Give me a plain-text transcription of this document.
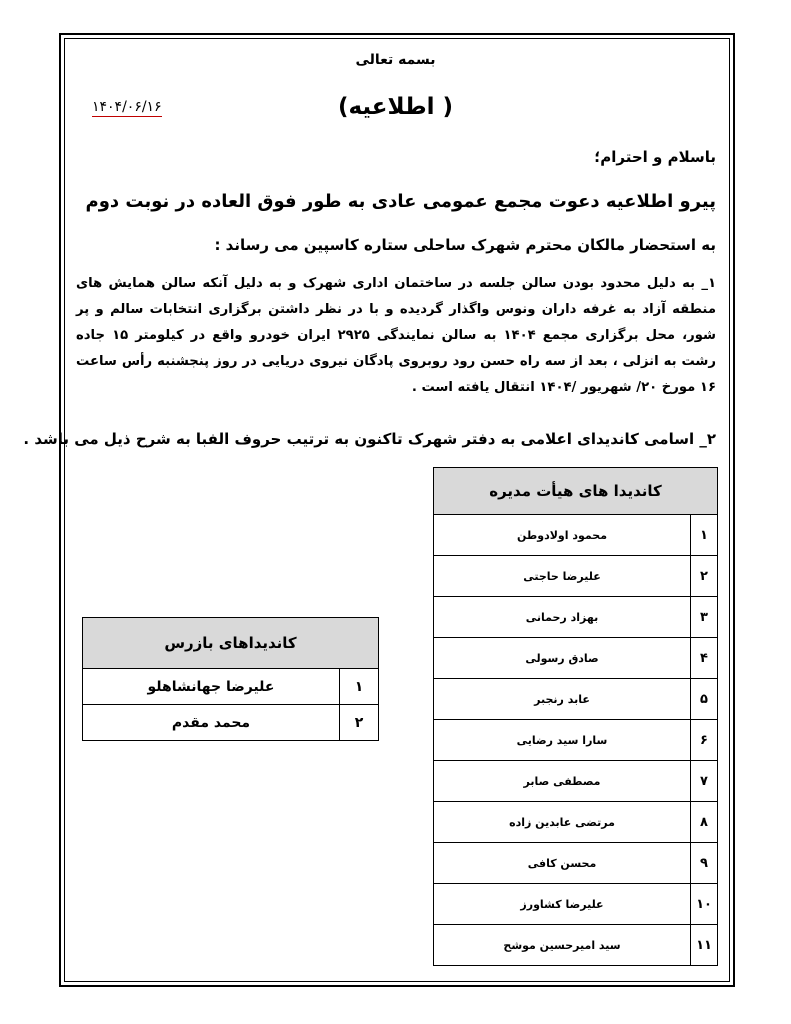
بسمه تعالی
(اطلاعیه )
۱۴۰۴/۰۶/۱۶
باسلام و احترام؛
پیرو اطلاعیه دعوت مجمع عمومی عادی به طور فوق العاده در نوبت دوم
به استحضار مالکان محترم شهرک ساحلی ستاره کاسپین می رساند :
۱_ به دلیل محدود بودن سالن جلسه در ساختمان اداری شهرک و به دلیل آنکه سالن همایش های منطقه آزاد به غرفه داران ونوس واگذار گردیده و با در نظر داشتن برگزاری انتخابات سالم و پر شور، محل برگزاری مجمع ۱۴۰۴ به سالن نمایندگی ۲۹۲۵ ایران خودرو واقع در کیلومتر ۱۵ جاده رشت به انزلی ، بعد از سه راه حسن رود روبروی پادگان نیروی دریایی در روز پنجشنبه رأس ساعت ۱۶ مورخ ۲۰/ شهریور /۱۴۰۴ انتقال یافته است .
۲_ اسامی کاندیدای اعلامی به دفتر شهرک تاکنون به ترتیب حروف الفبا به شرح ذیل می باشد .
کاندیدا های هیأت مدیره	
۱	محمود اولادوطن
۲	علیرضا حاجتی
۳	بهزاد رحمانی
۴	صادق رسولی
۵	عابد رنجبر
۶	سارا سید رضایی
۷	مصطفی صابر
۸	مرتضی عابدین زاده
۹	محسن کافی
۱۰	علیرضا کشاورز
۱۱	سید امیرحسین موشح
کاندیداهای بازرس	
۱	علیرضا جهانشاهلو
۲	محمد مقدم
